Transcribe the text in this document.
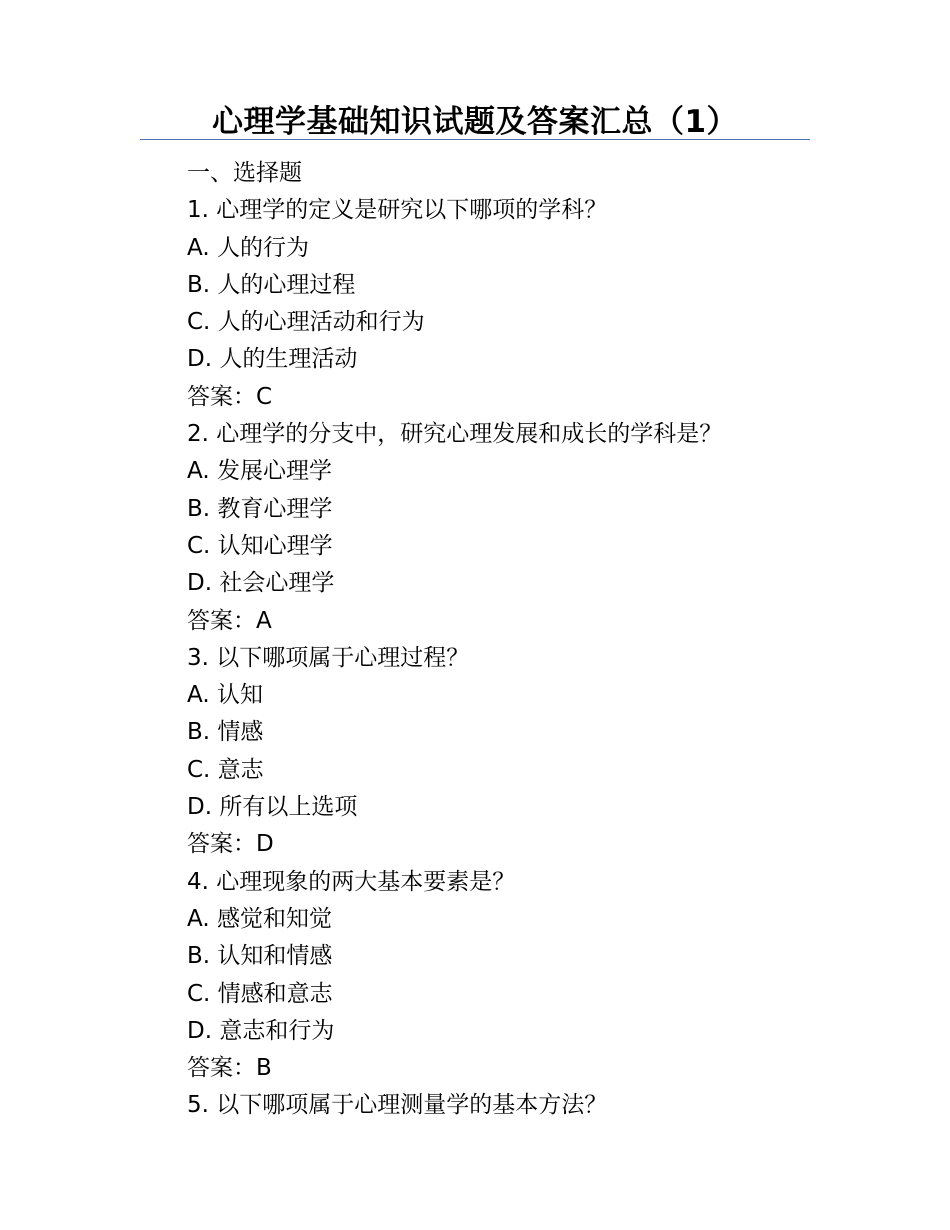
心理学基础知识试题及答案汇总（1）
一、选择题
1. 心理学的定义是研究以下哪项的学科？
A. 人的行为
B. 人的心理过程
C. 人的心理活动和行为
D. 人的生理活动
答案：C
2. 心理学的分支中，研究心理发展和成长的学科是？
A. 发展心理学
B. 教育心理学
C. 认知心理学
D. 社会心理学
答案：A
3. 以下哪项属于心理过程？
A. 认知
B. 情感
C. 意志
D. 所有以上选项
答案：D
4. 心理现象的两大基本要素是？
A. 感觉和知觉
B. 认知和情感
C. 情感和意志
D. 意志和行为
答案：B
5. 以下哪项属于心理测量学的基本方法？
